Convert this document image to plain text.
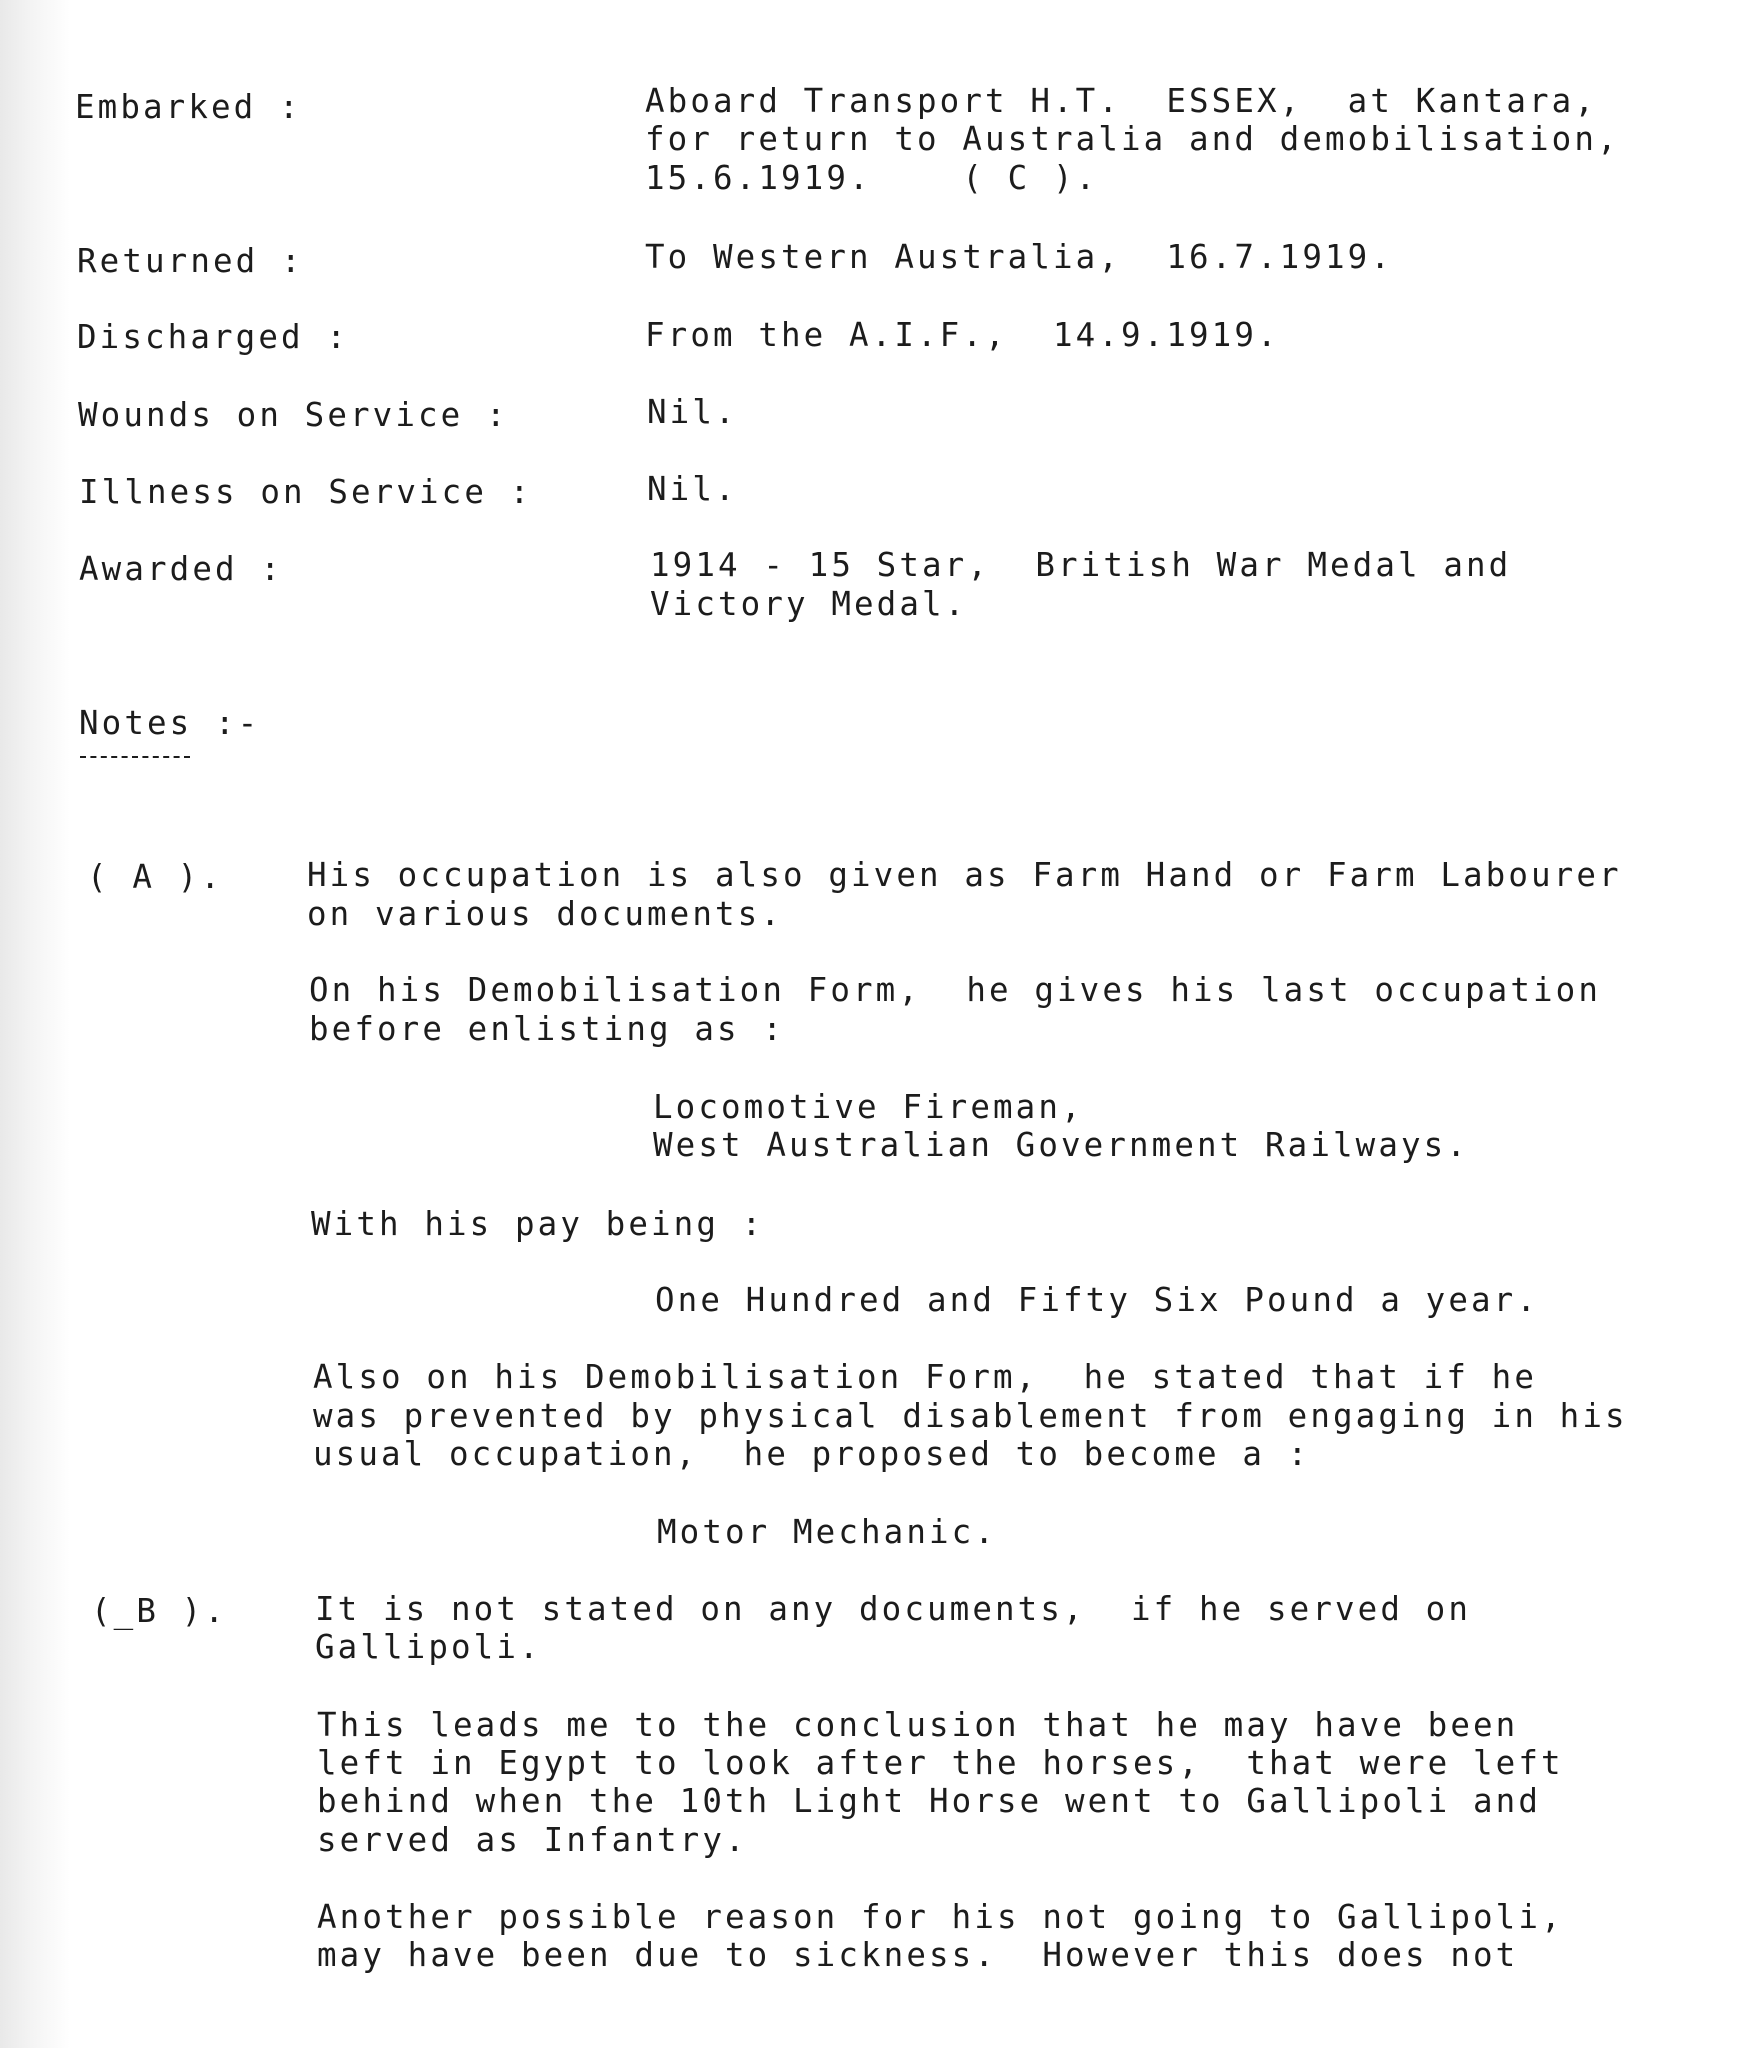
Embarked :	Aboard Transport H.T.  ESSEX,  at Kantara,

for return to Australia and demobilisation,

15.6.1919.    ( C ).

Returned :	To Western Australia,  16.7.1919.

Discharged :	From the A.I.F.,  14.9.1919.

Wounds on Service :	Nil.

Illness on Service :	Nil.

Awarded :	1914 - 15 Star,  British War Medal and

Victory Medal.

Notes :-

( A ).	His occupation is also given as Farm Hand or Farm Labourer

on various documents.

On his Demobilisation Form,  he gives his last occupation

before enlisting as :

Locomotive Fireman,

West Australian Government Railways.

With his pay being :

One Hundred and Fifty Six Pound a year.

Also on his Demobilisation Form,  he stated that if he

was prevented by physical disablement from engaging in his

usual occupation,  he proposed to become a :

Motor Mechanic.

(_B ).	It is not stated on any documents,  if he served on

Gallipoli.

This leads me to the conclusion that he may have been

left in Egypt to look after the horses,  that were left

behind when the 10th Light Horse went to Gallipoli and

served as Infantry.

Another possible reason for his not going to Gallipoli,

may have been due to sickness.  However this does not
